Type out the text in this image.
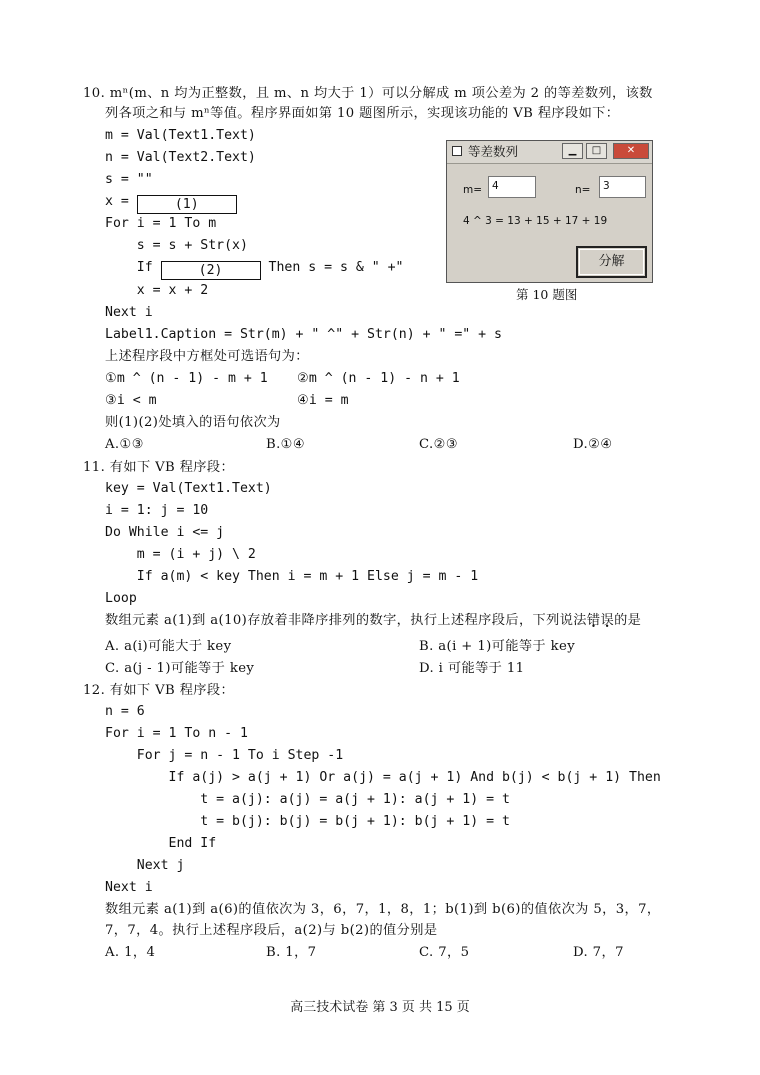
10. mⁿ(m、n 均为正整数，且 m、n 均大于 1）可以分解成 m 项公差为 2 的等差数列，该数
列各项之和与 mⁿ等值。程序界面如第 10 题图所示，实现该功能的 VB 程序段如下：
m = Val(Text1.Text)
n = Val(Text2.Text)
s = ""
x =	(1)
For i = 1 To m
s = s + Str(x)
If	(2)	Then s = s & " +"
x = x + 2
Next i
Label1.Caption = Str(m) + " ^" + Str(n) + " =" + s
上述程序段中方框处可选语句为：
①m ^ (n - 1) - m + 1 ②m ^ (n - 1) - n + 1
③i < m	④i = m
则(1)(2)处填入的语句依次为
A.①③	B.①④	C.②③	D.②④
等差数列	▁	□	✕
m= 4	n=	3
4 ^ 3 = 13 + 15 + 17 + 19
分解
第 10 题图
11. 有如下 VB 程序段：
key = Val(Text1.Text)
i = 1: j = 10
Do While i <= j
m = (i + j) \ 2
If a(m) < key Then i = m + 1 Else j = m - 1
Loop
数组元素 a(1)到 a(10)存放着非降序排列的数字，执行上述程序段后，下列说法错误的是
A. a(i)可能大于 key	B. a(i + 1)可能等于 key
C. a(j - 1)可能等于 key	D. i 可能等于 11
12. 有如下 VB 程序段：
n = 6
For i = 1 To n - 1
For j = n - 1 To i Step -1
If a(j) > a(j + 1) Or a(j) = a(j + 1) And b(j) < b(j + 1) Then
t = a(j): a(j) = a(j + 1): a(j + 1) = t
t = b(j): b(j) = b(j + 1): b(j + 1) = t
End If
Next j
Next i
数组元素 a(1)到 a(6)的值依次为 3，6，7，1，8，1；b(1)到 b(6)的值依次为 5，3，7，
7，7，4。执行上述程序段后，a(2)与 b(2)的值分别是
A. 1，4	B. 1，7	C. 7，5	D. 7，7
高三技术试卷 第 3 页 共 15 页
